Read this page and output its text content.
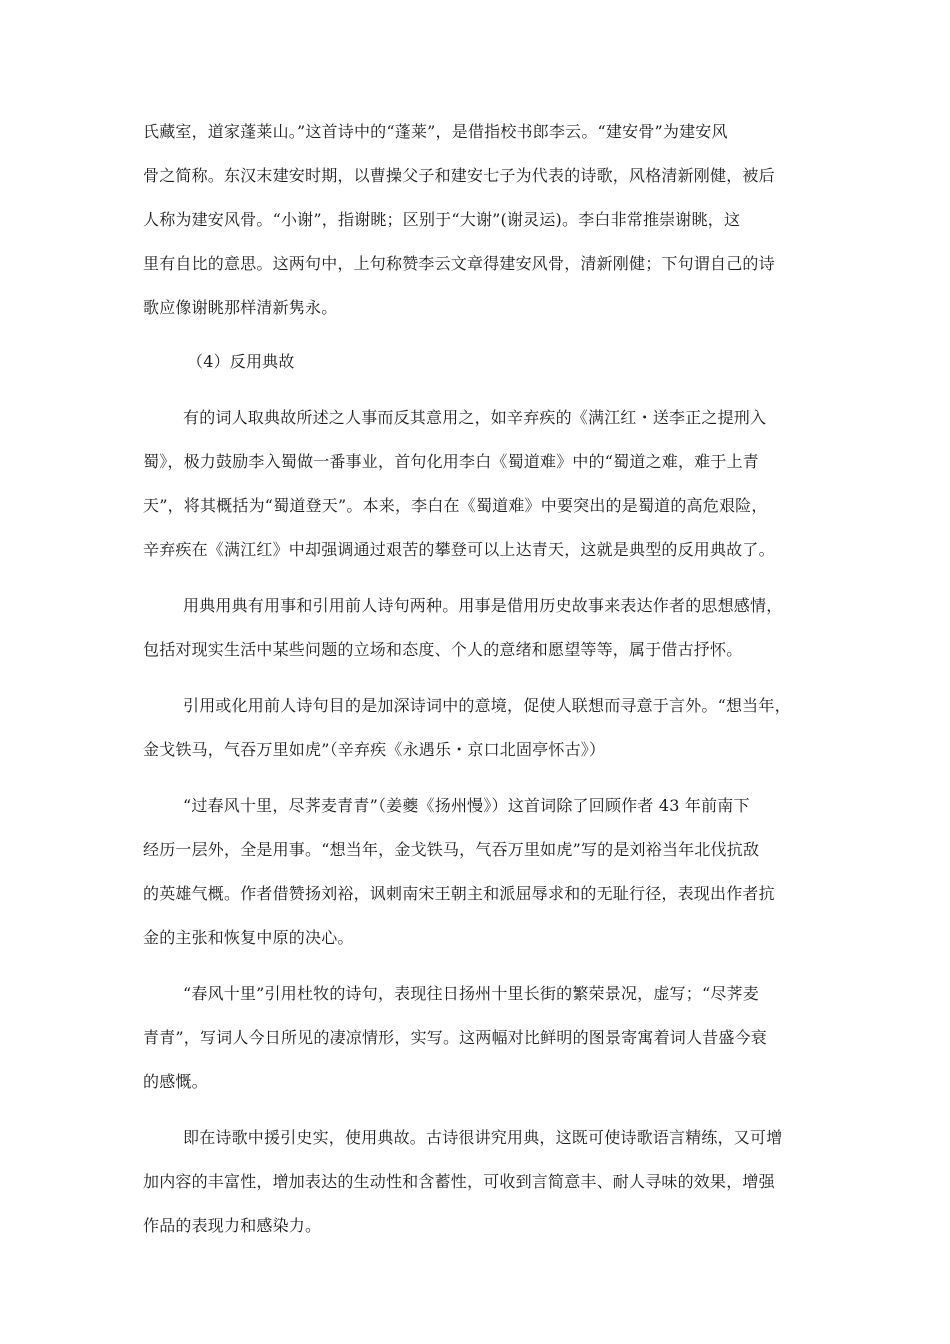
氏藏室，道家蓬莱山。”这首诗中的“蓬莱”，是借指校书郎李云。“建安骨”为建安风
骨之简称。东汉末建安时期，以曹操父子和建安七子为代表的诗歌，风格清新刚健，被后
人称为建安风骨。“小谢”，指谢眺；区别于“大谢”(谢灵运)。李白非常推崇谢眺，这
里有自比的意思。这两句中，上句称赞李云文章得建安风骨，清新刚健；下句谓自己的诗
歌应像谢眺那样清新隽永。
（4）反用典故
有的词人取典故所述之人事而反其意用之，如辛弃疾的《满江红・送李正之提刑入
蜀》，极力鼓励李入蜀做一番事业，首句化用李白《蜀道难》中的“蜀道之难，难于上青
天”，将其概括为“蜀道登天”。本来，李白在《蜀道难》中要突出的是蜀道的高危艰险，
辛弃疾在《满江红》中却强调通过艰苦的攀登可以上达青天，这就是典型的反用典故了。
用典用典有用事和引用前人诗句两种。用事是借用历史故事来表达作者的思想感情，
包括对现实生活中某些问题的立场和态度、个人的意绪和愿望等等，属于借古抒怀。
引用或化用前人诗句目的是加深诗词中的意境，促使人联想而寻意于言外。“想当年，
金戈铁马，气吞万里如虎”（辛弃疾《永遇乐・京口北固亭怀古》）
“过春风十里，尽荠麦青青”（姜夔《扬州慢》）这首词除了回顾作者 43 年前南下
经历一层外，全是用事。“想当年，金戈铁马，气吞万里如虎”写的是刘裕当年北伐抗敌
的英雄气概。作者借赞扬刘裕，讽刺南宋王朝主和派屈辱求和的无耻行径，表现出作者抗
金的主张和恢复中原的决心。
“春风十里”引用杜牧的诗句，表现往日扬州十里长街的繁荣景况，虚写；“尽荠麦
青青”，写词人今日所见的凄凉情形，实写。这两幅对比鲜明的图景寄寓着词人昔盛今衰
的感慨。
即在诗歌中援引史实，使用典故。古诗很讲究用典，这既可使诗歌语言精练，又可增
加内容的丰富性，增加表达的生动性和含蓄性，可收到言简意丰、耐人寻味的效果，增强
作品的表现力和感染力。
